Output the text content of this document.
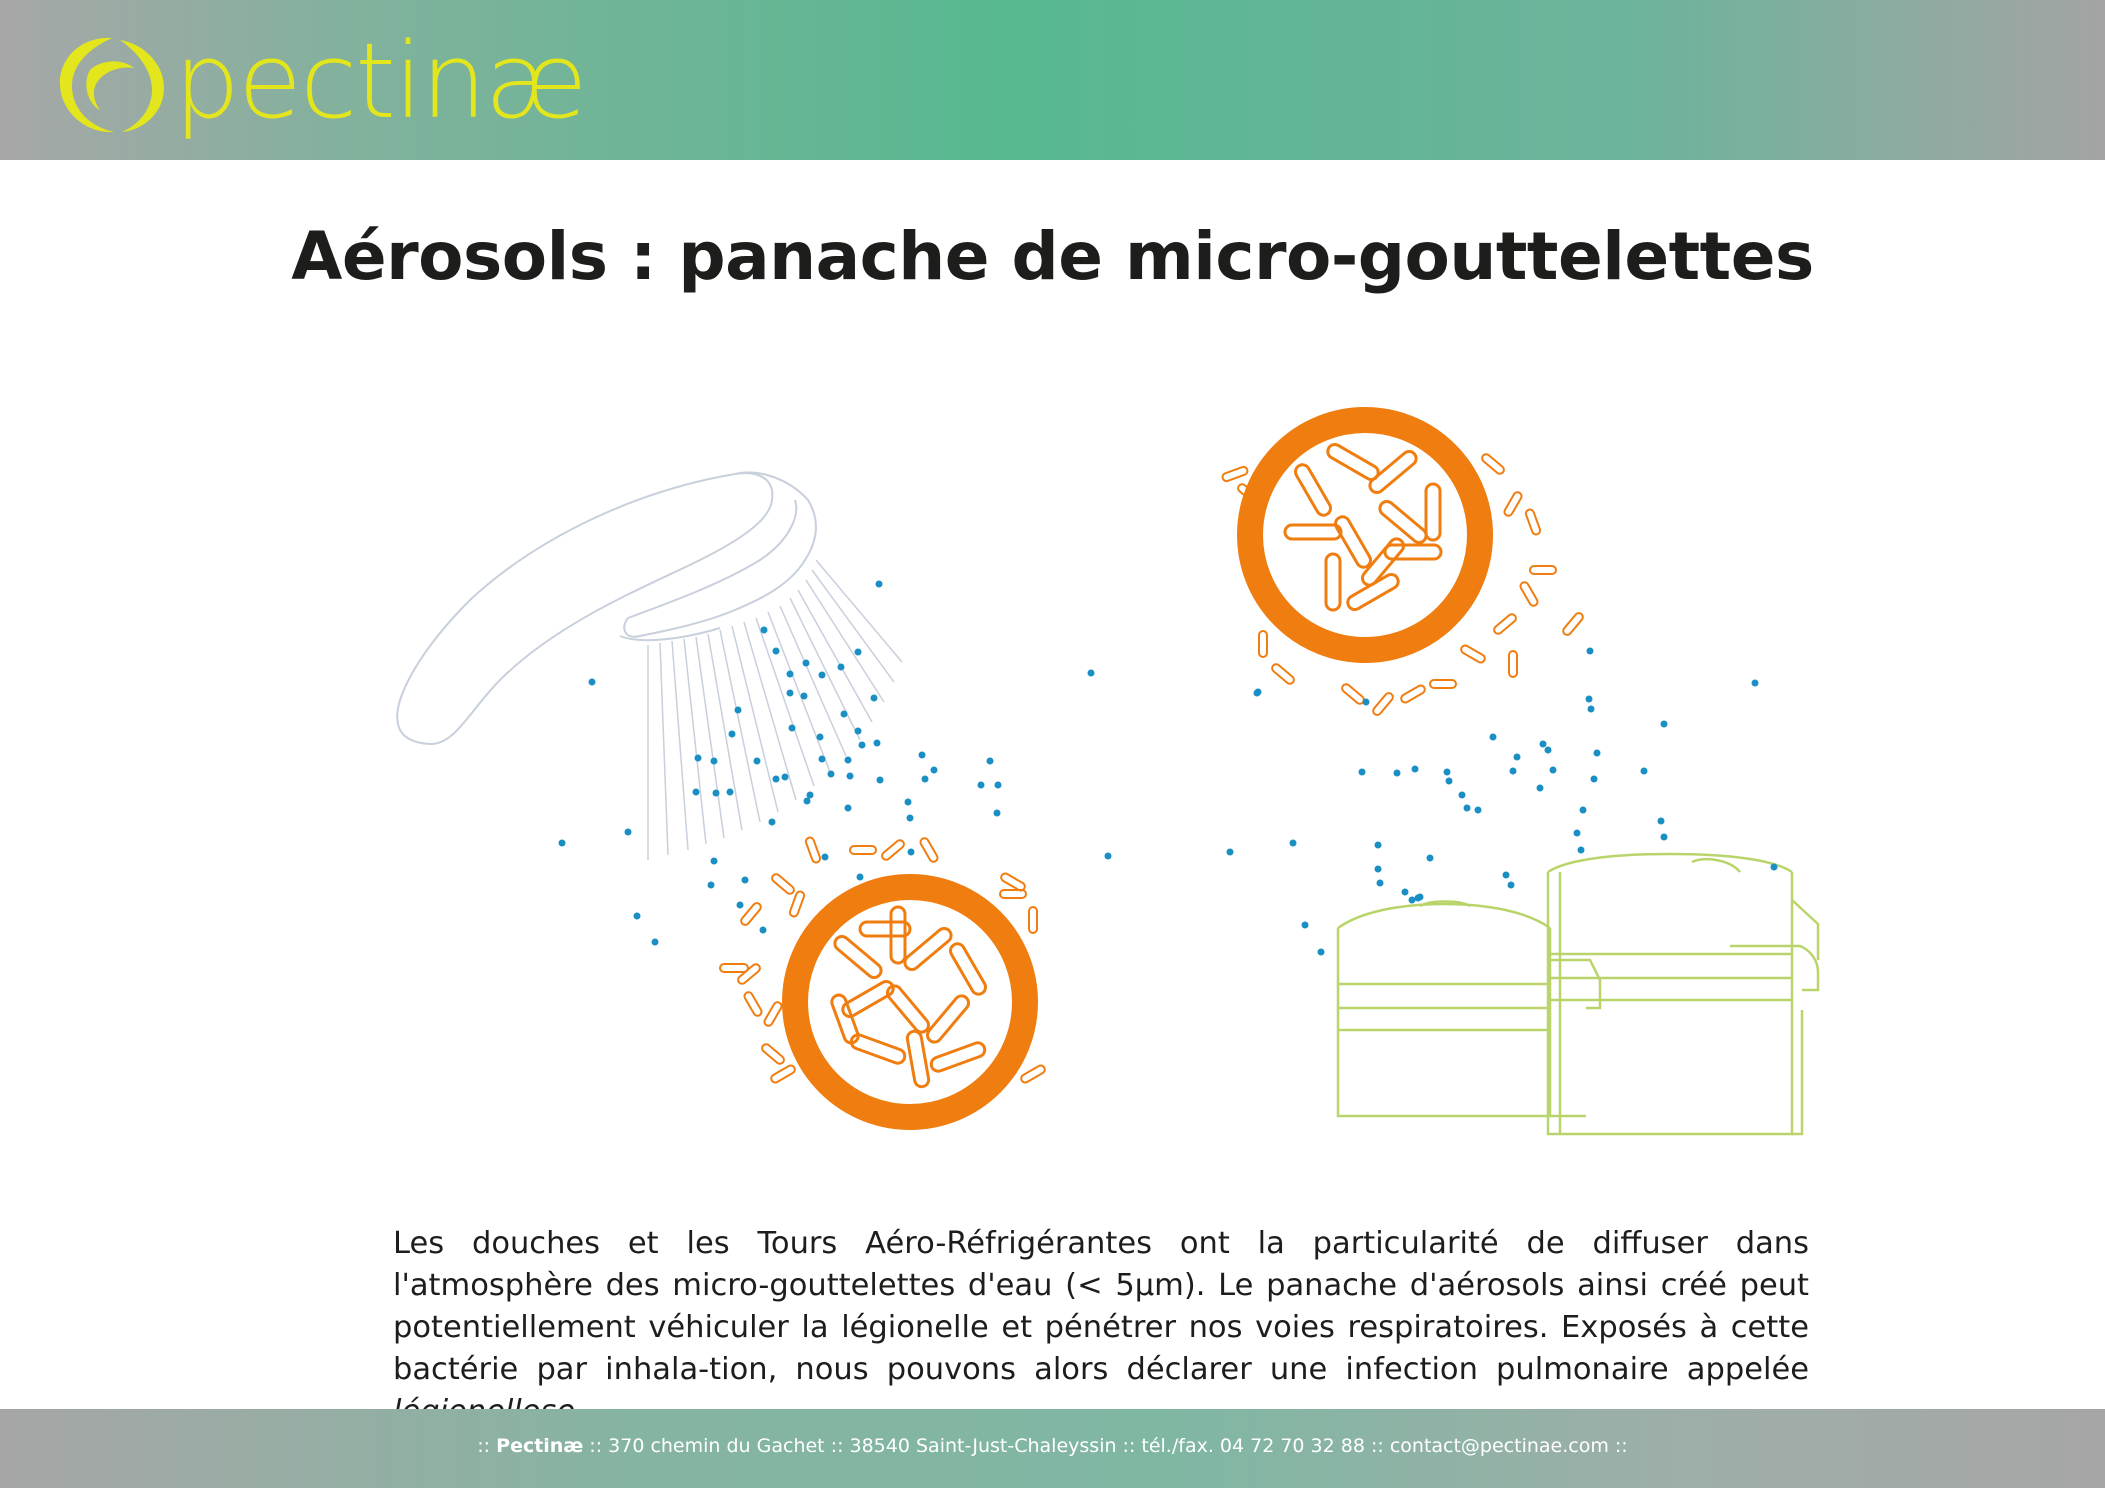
pectinæ
Aérosols : panache de micro-gouttelettes

Les douches et les Tours Aéro-Réfrigérantes ont la particularité de diffuser dans l'atmosphère des micro-gouttelettes d'eau (< 5µm). Le panache d'aérosols ainsi créé peut potentiellement véhiculer la légionelle et pénétrer nos voies respiratoires. Exposés à cette bactérie par inhala-tion, nous pouvons alors déclarer une infection pulmonaire appelée

:: Pectinæ :: 370 chemin du Gachet :: 38540 Saint-Just-Chaleyssin :: tél./fax. 04 72 70 32 88 :: contact@pectinae.com ::
